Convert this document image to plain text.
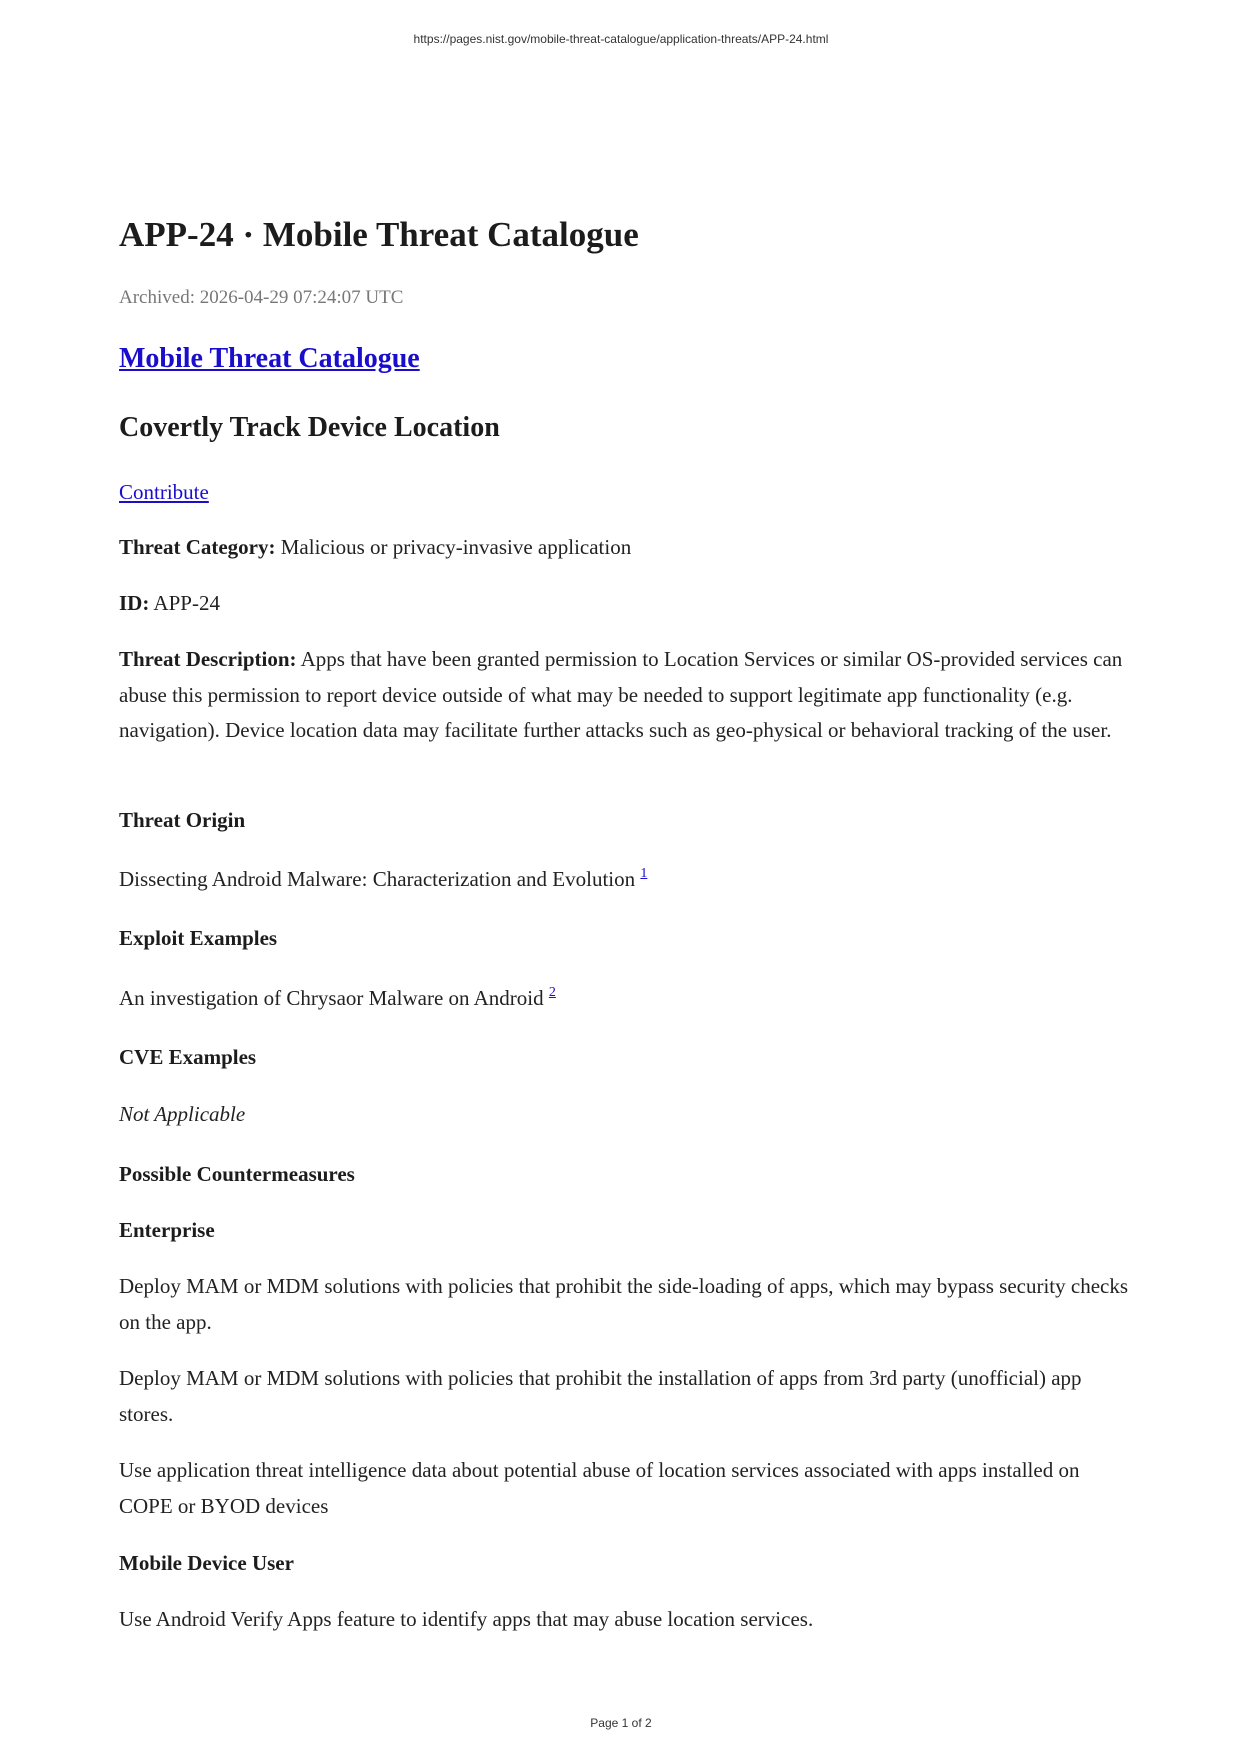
https://pages.nist.gov/mobile-threat-catalogue/application-threats/APP-24.html
APP-24 · Mobile Threat Catalogue
Archived: 2026-04-29 07:24:07 UTC
Mobile Threat Catalogue
Covertly Track Device Location
Contribute

Threat Category: Malicious or privacy-invasive application

ID: APP-24

Threat Description: Apps that have been granted permission to Location Services or similar OS-provided services can abuse this permission to report device outside of what may be needed to support legitimate app functionality (e.g. navigation). Device location data may facilitate further attacks such as geo-physical or behavioral tracking of the user.

Threat Origin

Dissecting Android Malware: Characterization and Evolution $^1$

Exploit Examples

An investigation of Chrysaor Malware on Android $^2$

CVE Examples

Not Applicable

Possible Countermeasures
Enterprise

Deploy MAM or MDM solutions with policies that prohibit the side-loading of apps, which may bypass security checks on the app.

Deploy MAM or MDM solutions with policies that prohibit the installation of apps from 3rd party (unofficial) app stores.

Use application threat intelligence data about potential abuse of location services associated with apps installed on COPE or BYOD devices

Mobile Device User

Use Android Verify Apps feature to identify apps that may abuse location services.

Page 1 of 2
